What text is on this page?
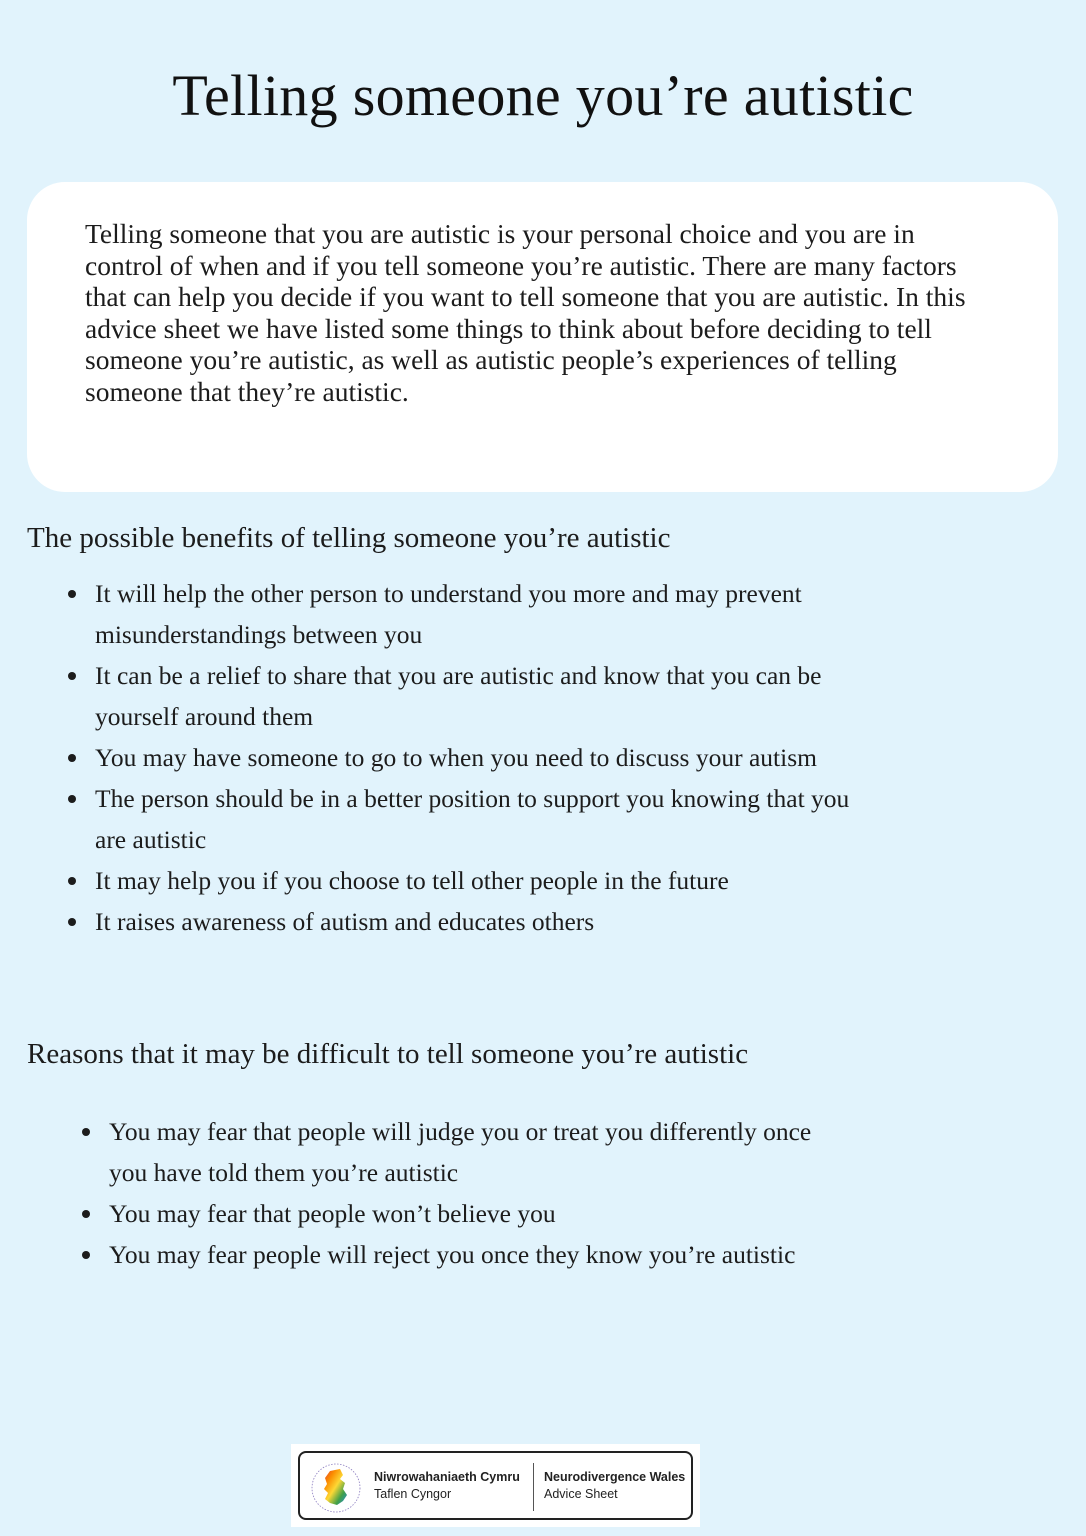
Telling someone you’re autistic

Telling someone that you are autistic is your personal choice and you are in control of when and if you tell someone you’re autistic. There are many factors that can help you decide if you want to tell someone that you are autistic. In this advice sheet we have listed some things to think about before deciding to tell someone you’re autistic, as well as autistic people’s experiences of telling someone that they’re autistic.

The possible benefits of telling someone you’re autistic
It will help the other person to understand you more and may prevent misunderstandings between you
It can be a relief to share that you are autistic and know that you can be yourself around them
You may have someone to go to when you need to discuss your autism
The person should be in a better position to support you knowing that you are autistic
It may help you if you choose to tell other people in the future
It raises awareness of autism and educates others
Reasons that it may be difficult to tell someone you’re autistic
You may fear that people will judge you or treat you differently once you have told them you’re autistic
You may fear that people won’t believe you
You may fear people will reject you once they know you’re autistic
Niwrowahaniaeth Cymru
Taflen Cyngor
Neurodivergence Wales
Advice Sheet
